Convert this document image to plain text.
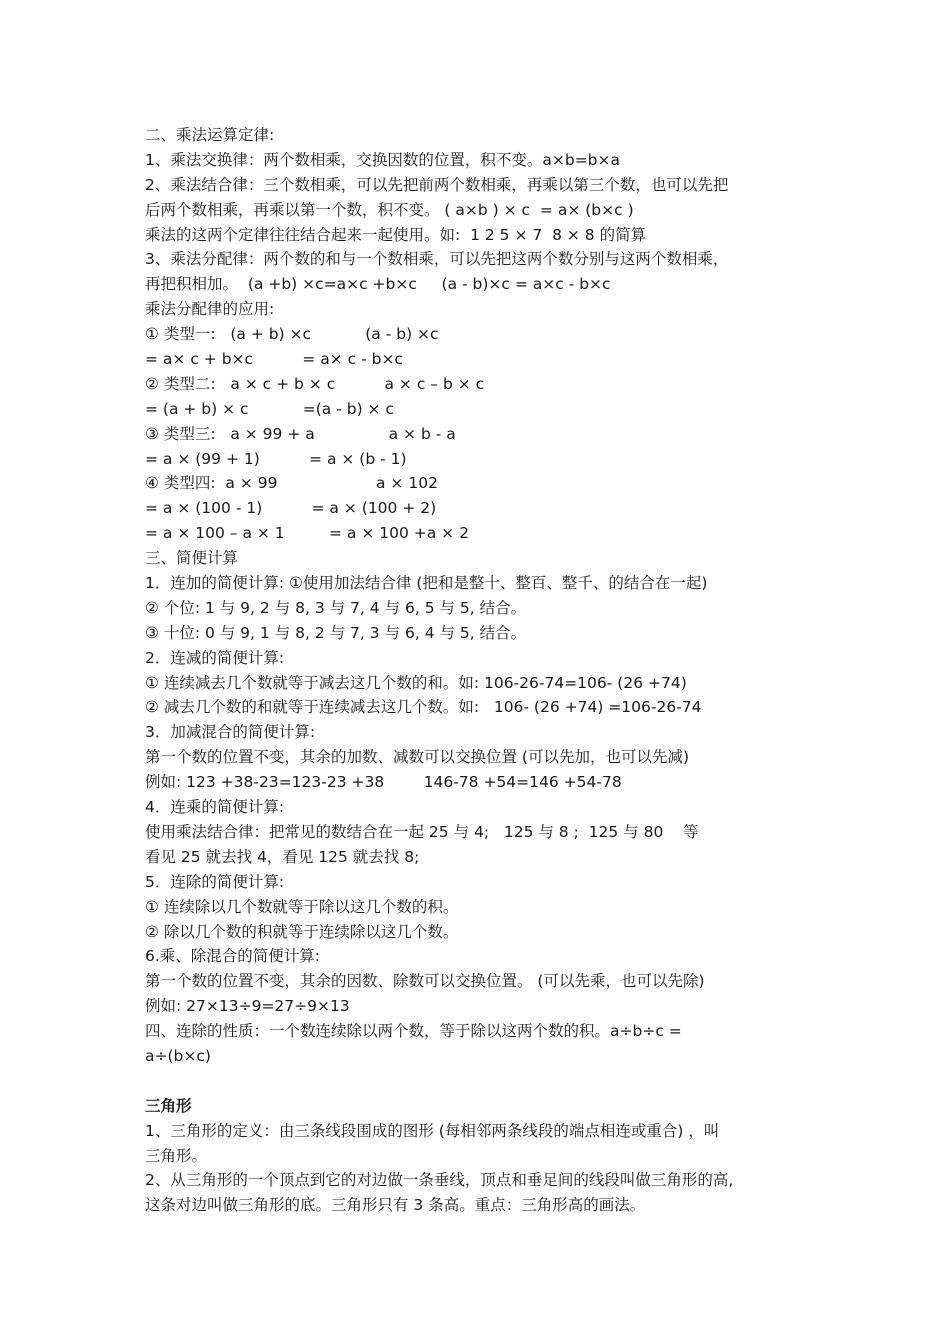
二、乘法运算定律:
1、乘法交换律：两个数相乘，交换因数的位置，积不变。a×b=b×a
2、乘法结合律：三个数相乘，可以先把前两个数相乘，再乘以第三个数，也可以先把
后两个数相乘，再乘以第一个数，积不变。 ( a×b ) × c  = a× (b×c )
乘法的这两个定律往往结合起来一起使用。如:  1 2 5 × 7  8 × 8 的简算
3、乘法分配律：两个数的和与一个数相乘，可以先把这两个数分别与这两个数相乘，
再把积相加。  (a +b) ×c=a×c +b×c     (a - b)×c = a×c - b×c
乘法分配律的应用:
① 类型一:   (a + b) ×c           (a - b) ×c
= a× c + b×c          = a× c - b×c
② 类型二:   a × c + b × c          a × c – b × c
= (a + b) × c           =(a - b) × c
③ 类型三:   a × 99 + a               a × b - a
= a × (99 + 1)          = a × (b - 1)
④ 类型四:  a × 99                    a × 102
= a × (100 - 1)          = a × (100 + 2)
= a × 100 – a × 1         = a × 100 +a × 2
三、简便计算
1．连加的简便计算: ①使用加法结合律 (把和是整十、整百、整千、的结合在一起)
② 个位: 1 与 9, 2 与 8, 3 与 7, 4 与 6, 5 与 5, 结合。
③ 十位: 0 与 9, 1 与 8, 2 与 7, 3 与 6, 4 与 5, 结合。
2．连减的简便计算:
① 连续减去几个数就等于减去这几个数的和。如: 106-26-74=106- (26 +74)
② 减去几个数的和就等于连续减去这几个数。如:   106- (26 +74) =106-26-74
3．加减混合的简便计算:
第一个数的位置不变，其余的加数、减数可以交换位置 (可以先加，也可以先减)
例如: 123 +38-23=123-23 +38        146-78 +54=146 +54-78
4．连乘的简便计算:
使用乘法结合律：把常见的数结合在一起 25 与 4;   125 与 8 ;  125 与 80    等
看见 25 就去找 4，看见 125 就去找 8;
5．连除的简便计算:
① 连续除以几个数就等于除以这几个数的积。
② 除以几个数的积就等于连续除以这几个数。
6.乘、除混合的简便计算:
第一个数的位置不变，其余的因数、除数可以交换位置。 (可以先乘，也可以先除)
例如: 27×13÷9=27÷9×13
四、连除的性质：一个数连续除以两个数，等于除以这两个数的积。a÷b÷c =
a÷(b×c)
三角形
1、三角形的定义：由三条线段围成的图形 (每相邻两条线段的端点相连或重合) ，叫
三角形。
2、从三角形的一个顶点到它的对边做一条垂线，顶点和垂足间的线段叫做三角形的高,
这条对边叫做三角形的底。三角形只有 3 条高。重点：三角形高的画法。
